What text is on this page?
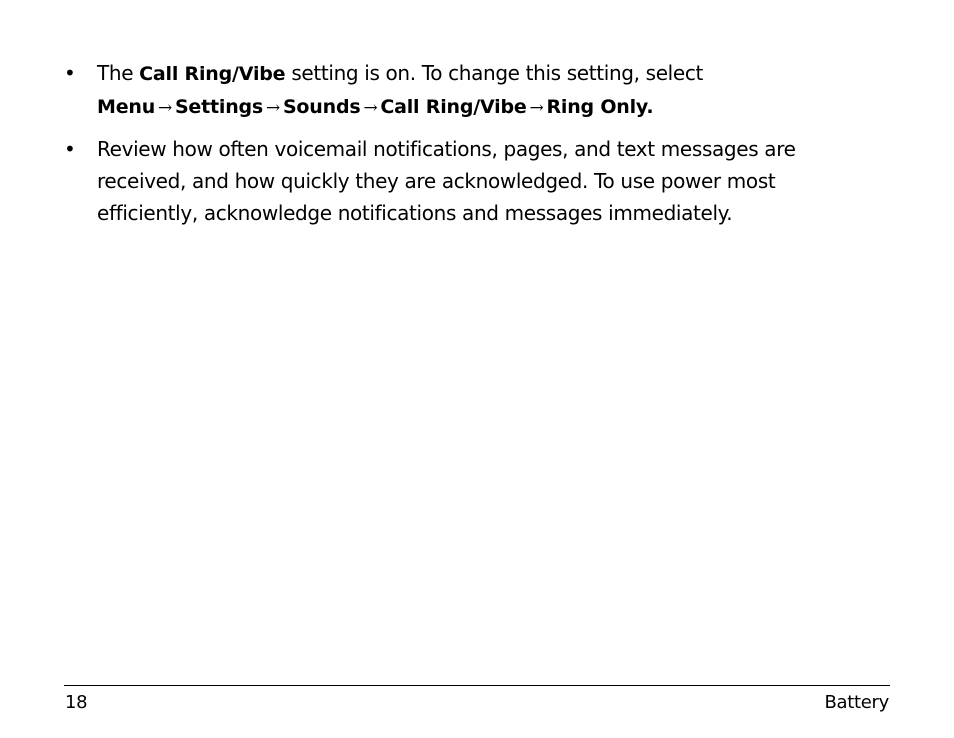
• The Call Ring/Vibe setting is on. To change this setting, select
Menu → Settings → Sounds → Call Ring/Vibe → Ring Only.
• Review how often voicemail notifications, pages, and text messages are
received, and how quickly they are acknowledged. To use power most
efficiently, acknowledge notifications and messages immediately.
18	Battery
